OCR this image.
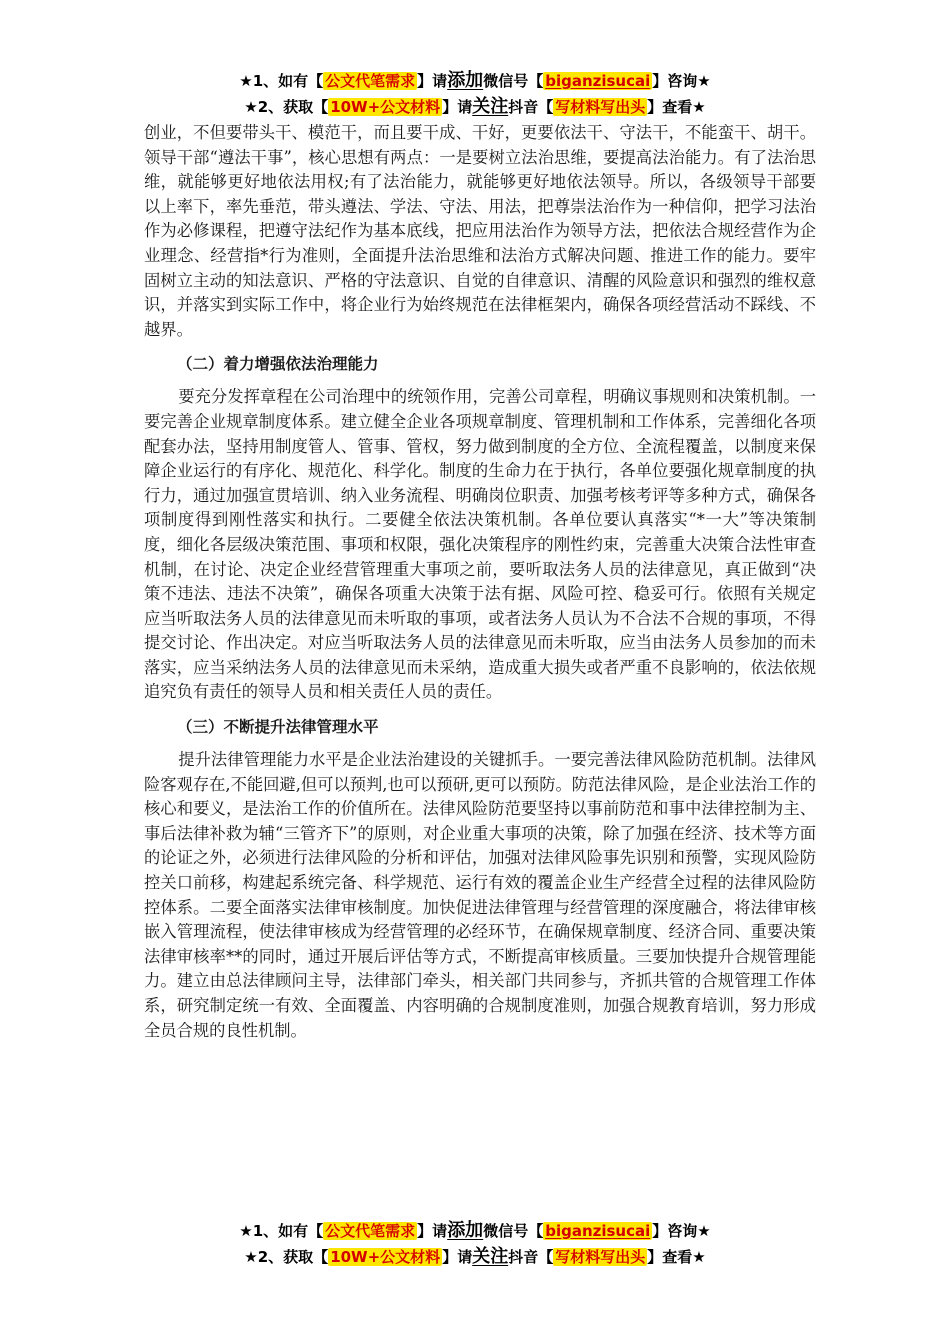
★1、如有【 公文代笔需求 】请添加微信号【 biganzisucai 】咨询★
★2、获取【 10W+公文材料 】请关注抖音【 写材料写出头 】查看★

创业，不但要带头干、模范干，而且要干成、干好，更要依法干、守法干，不能蛮干、胡干。领导干部“遵法干事”，核心思想有两点：一是要树立法治思维，要提高法治能力。有了法治思维，就能够更好地依法用权;有了法治能力，就能够更好地依法领导。所以，各级领导干部要以上率下，率先垂范，带头遵法、学法、守法、用法，把尊崇法治作为一种信仰，把学习法治作为必修课程，把遵守法纪作为基本底线，把应用法治作为领导方法，把依法合规经营作为企业理念、经营指*行为准则，全面提升法治思维和法治方式解决问题、推进工作的能力。要牢固树立主动的知法意识、严格的守法意识、自觉的自律意识、清醒的风险意识和强烈的维权意识，并落实到实际工作中，将企业行为始终规范在法律框架内，确保各项经营活动不踩线、不越界。

（二）着力增强依法治理能力

要充分发挥章程在公司治理中的统领作用，完善公司章程，明确议事规则和决策机制。一要完善企业规章制度体系。建立健全企业各项规章制度、管理机制和工作体系，完善细化各项配套办法，坚持用制度管人、管事、管权，努力做到制度的全方位、全流程覆盖，以制度来保障企业运行的有序化、规范化、科学化。制度的生命力在于执行，各单位要强化规章制度的执行力，通过加强宣贯培训、纳入业务流程、明确岗位职责、加强考核考评等多种方式，确保各项制度得到刚性落实和执行。二要健全依法决策机制。各单位要认真落实“*一大”等决策制度，细化各层级决策范围、事项和权限，强化决策程序的刚性约束，完善重大决策合法性审查机制，在讨论、决定企业经营管理重大事项之前，要听取法务人员的法律意见，真正做到“决策不违法、违法不决策”，确保各项重大决策于法有据、风险可控、稳妥可行。依照有关规定应当听取法务人员的法律意见而未听取的事项，或者法务人员认为不合法不合规的事项，不得提交讨论、作出决定。对应当听取法务人员的法律意见而未听取，应当由法务人员参加的而未落实，应当采纳法务人员的法律意见而未采纳，造成重大损失或者严重不良影响的，依法依规追究负有责任的领导人员和相关责任人员的责任。

（三）不断提升法律管理水平

提升法律管理能力水平是企业法治建设的关键抓手。一要完善法律风险防范机制。法律风险客观存在,不能回避,但可以预判,也可以预研,更可以预防。防范法律风险，是企业法治工作的核心和要义，是法治工作的价值所在。法律风险防范要坚持以事前防范和事中法律控制为主、事后法律补救为辅“三管齐下”的原则，对企业重大事项的决策，除了加强在经济、技术等方面的论证之外，必须进行法律风险的分析和评估，加强对法律风险事先识别和预警，实现风险防控关口前移，构建起系统完备、科学规范、运行有效的覆盖企业生产经营全过程的法律风险防控体系。二要全面落实法律审核制度。加快促进法律管理与经营管理的深度融合，将法律审核嵌入管理流程，使法律审核成为经营管理的必经环节，在确保规章制度、经济合同、重要决策法律审核率**的同时，通过开展后评估等方式，不断提高审核质量。三要加快提升合规管理能力。建立由总法律顾问主导，法律部门牵头，相关部门共同参与，齐抓共管的合规管理工作体系，研究制定统一有效、全面覆盖、内容明确的合规制度准则，加强合规教育培训，努力形成全员合规的良性机制。

★1、如有【 公文代笔需求 】请添加微信号【 biganzisucai 】咨询★
★2、获取【 10W+公文材料 】请关注抖音【 写材料写出头 】查看★
